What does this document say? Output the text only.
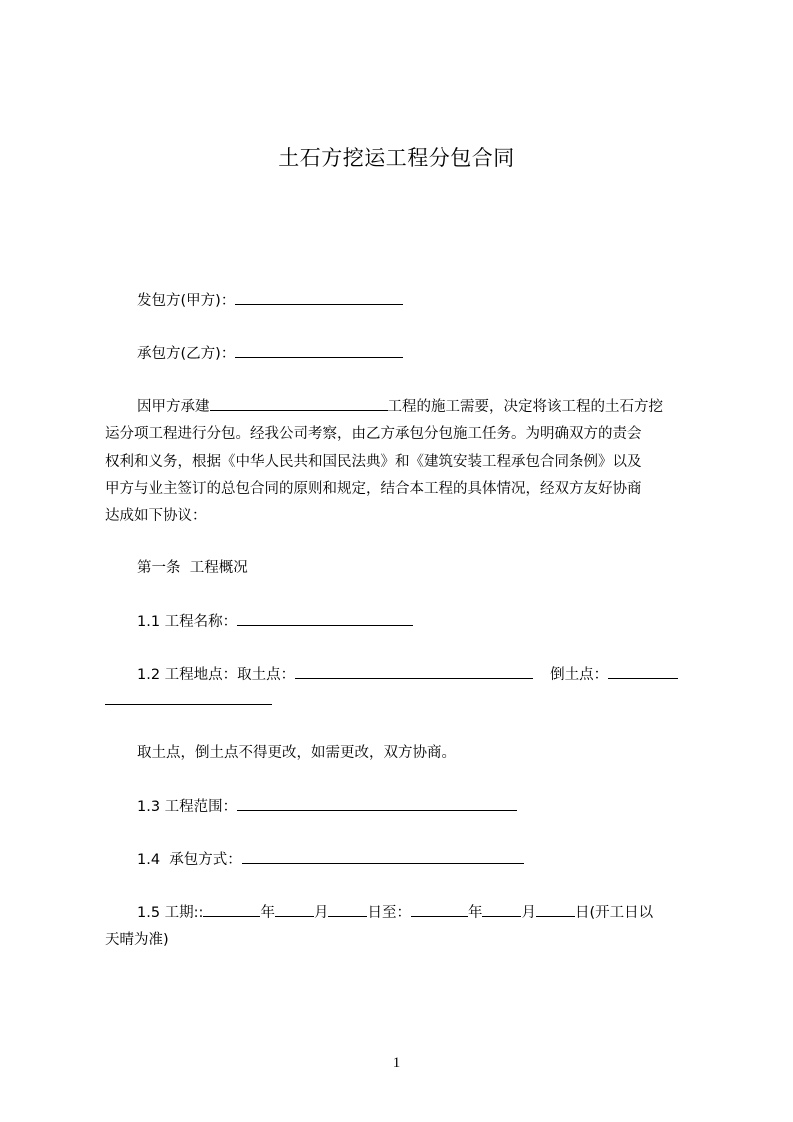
土石方挖运工程分包合同
发包方(甲方)：
承包方(乙方)：
因甲方承建	工程的施工需要，决定将该工程的土石方挖
运分项工程进行分包。经我公司考察，由乙方承包分包施工任务。为明确双方的责会
权利和义务，根据《中华人民共和国民法典》和《建筑安装工程承包合同条例》以及
甲方与业主签订的总包合同的原则和规定，结合本工程的具体情况，经双方友好协商
达成如下协议：
第一条  工程概况
1.1 工程名称：
1.2 工程地点：取土点：	倒土点：
取土点，倒土点不得更改，如需更改，双方协商。
1.3 工程范围：
1.4  承包方式：
1.5 工期::	年	月	日至：	年	月	日(开工日以
天晴为准)
1
